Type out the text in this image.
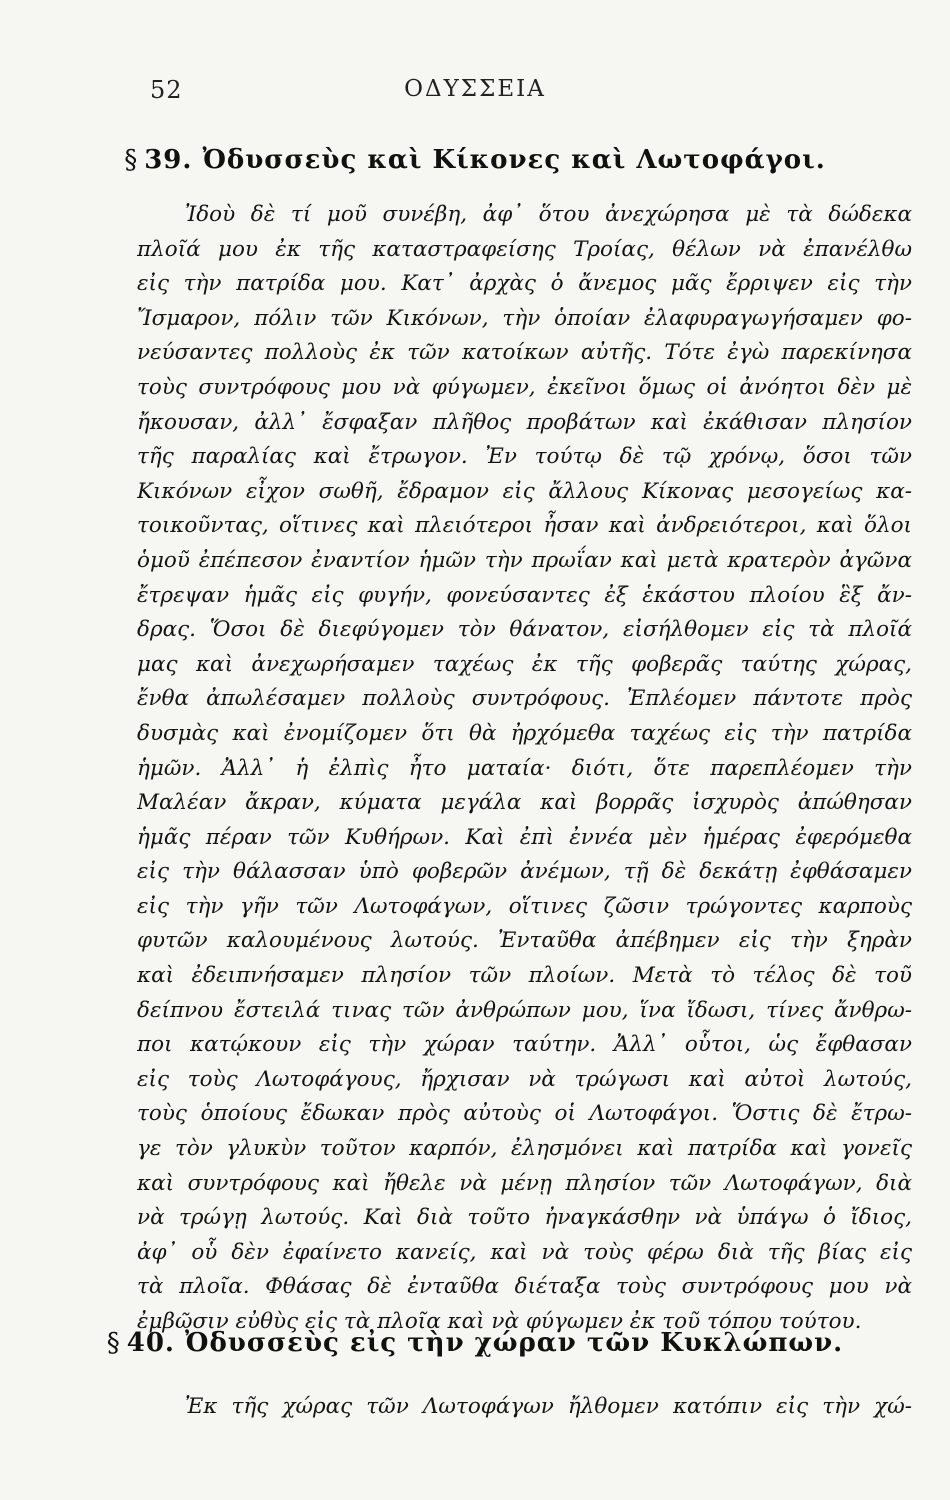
52	ΟΔΥΣΣΕΙΑ
§ 39. Ὀδυσσεὺς καὶ Κίκονες καὶ Λωτοφάγοι.
Ἰδοὺ δὲ τί μοῦ συνέβη, ἀφ᾽ ὅτου ἀνεχώρησα μὲ τὰ δώδεκα
πλοῖά μου ἐκ τῆς καταστραφείσης Τροίας, θέλων νὰ ἐπανέλθω
εἰς τὴν πατρίδα μου. Κατ᾽ ἀρχὰς ὁ ἄνεμος μᾶς ἔρριψεν εἰς τὴν
Ἴσμαρον, πόλιν τῶν Κικόνων, τὴν ὁποίαν ἐλαφυραγωγήσαμεν φο-
νεύσαντες πολλοὺς ἐκ τῶν κατοίκων αὐτῆς. Τότε ἐγὼ παρεκίνησα
τοὺς συντρόφους μου νὰ φύγωμεν, ἐκεῖνοι ὅμως οἱ ἀνόητοι δὲν μὲ
ἤκουσαν, ἀλλ᾽ ἔσφαξαν πλῆθος προβάτων καὶ ἐκάθισαν πλησίον
τῆς παραλίας καὶ ἔτρωγον. Ἐν τούτῳ δὲ τῷ χρόνῳ, ὅσοι τῶν
Κικόνων εἶχον σωθῆ, ἔδραμον εἰς ἄλλους Κίκονας μεσογείως κα-
τοικοῦντας, οἵτινες καὶ πλειότεροι ἦσαν καὶ ἀνδρειότεροι, καὶ ὅλοι
ὁμοῦ ἐπέπεσον ἐναντίον ἡμῶν τὴν πρωΐαν καὶ μετὰ κρατερὸν ἀγῶνα
ἔτρεψαν ἡμᾶς εἰς φυγήν, φονεύσαντες ἐξ ἑκάστου πλοίου ἓξ ἄν-
δρας. Ὅσοι δὲ διεφύγομεν τὸν θάνατον, εἰσήλθομεν εἰς τὰ πλοῖά
μας καὶ ἀνεχωρήσαμεν ταχέως ἐκ τῆς φοβερᾶς ταύτης χώρας,
ἔνθα ἀπωλέσαμεν πολλοὺς συντρόφους. Ἐπλέομεν πάντοτε πρὸς
δυσμὰς καὶ ἐνομίζομεν ὅτι θὰ ἠρχόμεθα ταχέως εἰς τὴν πατρίδα
ἡμῶν. Ἀλλ᾽ ἡ ἐλπὶς ἦτο ματαία· διότι, ὅτε παρεπλέομεν τὴν
Μαλέαν ἄκραν, κύματα μεγάλα καὶ βορρᾶς ἰσχυρὸς ἀπώθησαν
ἡμᾶς πέραν τῶν Κυθήρων. Καὶ ἐπὶ ἐννέα μὲν ἡμέρας ἐφερόμεθα
εἰς τὴν θάλασσαν ὑπὸ φοβερῶν ἀνέμων, τῇ δὲ δεκάτῃ ἐφθάσαμεν
εἰς τὴν γῆν τῶν Λωτοφάγων, οἵτινες ζῶσιν τρώγοντες καρποὺς
φυτῶν καλουμένους λωτούς. Ἐνταῦθα ἀπέβημεν εἰς τὴν ξηρὰν
καὶ ἐδειπνήσαμεν πλησίον τῶν πλοίων. Μετὰ τὸ τέλος δὲ τοῦ
δείπνου ἔστειλά τινας τῶν ἀνθρώπων μου, ἵνα ἴδωσι, τίνες ἄνθρω-
ποι κατῴκουν εἰς τὴν χώραν ταύτην. Ἀλλ᾽ οὗτοι, ὡς ἔφθασαν
εἰς τοὺς Λωτοφάγους, ἤρχισαν νὰ τρώγωσι καὶ αὐτοὶ λωτούς,
τοὺς ὁποίους ἔδωκαν πρὸς αὐτοὺς οἱ Λωτοφάγοι. Ὅστις δὲ ἔτρω-
γε τὸν γλυκὺν τοῦτον καρπόν, ἐλησμόνει καὶ πατρίδα καὶ γονεῖς
καὶ συντρόφους καὶ ἤθελε νὰ μένῃ πλησίον τῶν Λωτοφάγων, διὰ
νὰ τρώγῃ λωτούς. Καὶ διὰ τοῦτο ἠναγκάσθην νὰ ὑπάγω ὁ ἴδιος,
ἀφ᾽ οὗ δὲν ἐφαίνετο κανείς, καὶ νὰ τοὺς φέρω διὰ τῆς βίας εἰς
τὰ πλοῖα. Φθάσας δὲ ἐνταῦθα διέταξα τοὺς συντρόφους μου νὰ
ἐμβῶσιν εὐθὺς εἰς τὰ πλοῖα καὶ νὰ φύγωμεν ἐκ τοῦ τόπου τούτου.
§ 40. Ὀδυσσεὺς εἰς τὴν χώραν τῶν Κυκλώπων.
Ἐκ τῆς χώρας τῶν Λωτοφάγων ἤλθομεν κατόπιν εἰς τὴν χώ-
